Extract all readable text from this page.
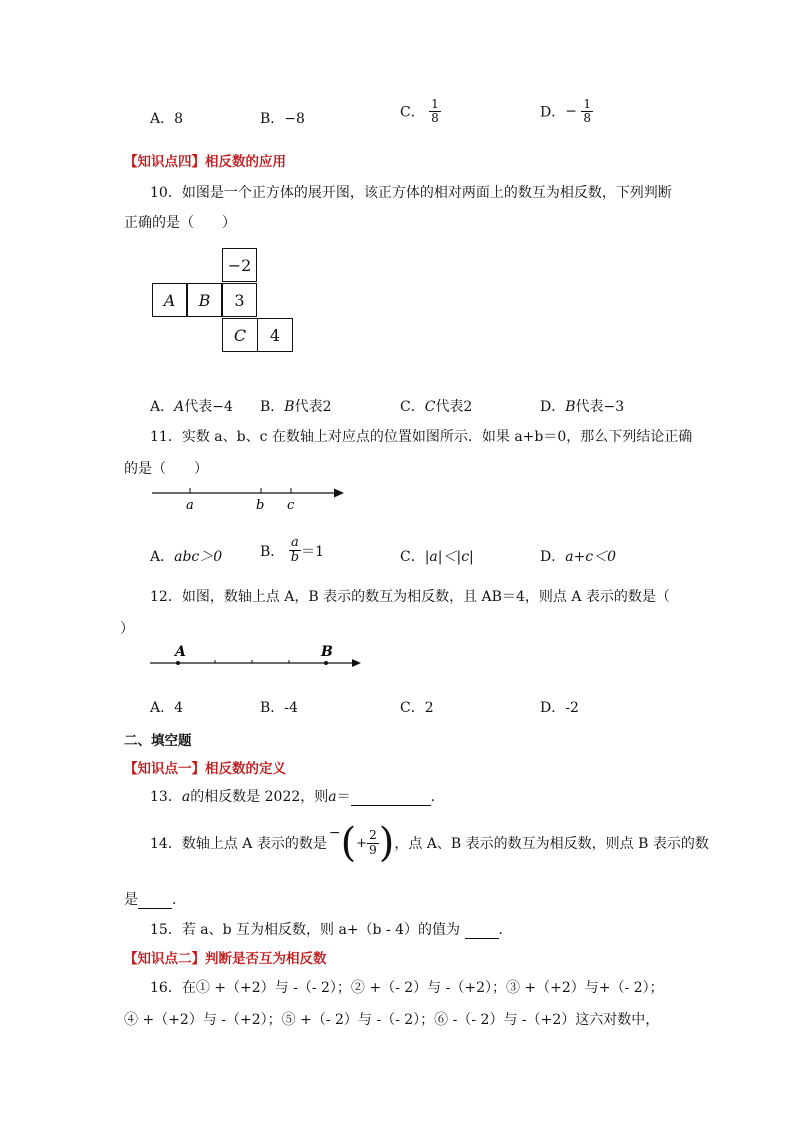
A．8	B．−8	C． $\frac{1}{8}$	D．− $\frac{1}{8}$
【知识点四】相反数的应用
10．如图是一个正方体的展开图，该正方体的相对两面上的数互为相反数，下列判断
正确的是（　　）
−2
A	B	3
C	4
A．A代表−4 B．B代表2	C．C代表2	D．B代表−3
11．实数 a、b、c 在数轴上对应点的位置如图所示．如果 a+b＝0，那么下列结论正确
的是（　　）
a	b c
A．abc＞0	B． $\frac{a}{b} =1$	C．|a|＜|c|	D．a+c＜0
12．如图，数轴上点 A，B 表示的数互为相反数，且 AB＝4，则点 A 表示的数是（
）
A	B
A．4	B．-4	C．2	D．-2
二、填空题
【知识点一】相反数的定义
13．a的相反数是 2022，则a＝	.
14．数轴上点 A 表示的数是
− ( + $\frac{2}{9}$ ) ，点 A、B 表示的数互为相反数，则点 B 表示的数
是 .
15．若 a、b 互为相反数，则 a+（b - 4）的值为	.
【知识点二】判断是否互为相反数
16．在① +（+2）与 -（- 2）；② +（- 2）与 -（+2）；③ +（+2）与+（- 2）；
④ +（+2）与 -（+2）；⑤ +（- 2）与 -（- 2）；⑥ -（- 2）与 -（+2）这六对数中，
